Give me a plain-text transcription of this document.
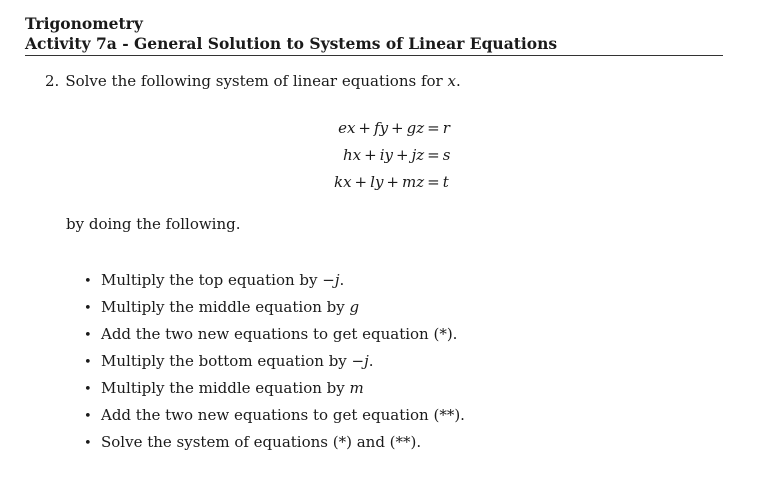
Trigonometry
Activity 7a - General Solution to Systems of Linear Equations
2. Solve the following system of linear equations for x.
ex + fy + gz	 = r
hx + iy + jz	 = s
kx + ly + mz	 = t
by doing the following.
• Multiply the top equation by −j.
• Multiply the middle equation by g
• Add the two new equations to get equation (*).
• Multiply the bottom equation by −j.
• Multiply the middle equation by m
• Add the two new equations to get equation (**).
• Solve the system of equations (*) and (**).
